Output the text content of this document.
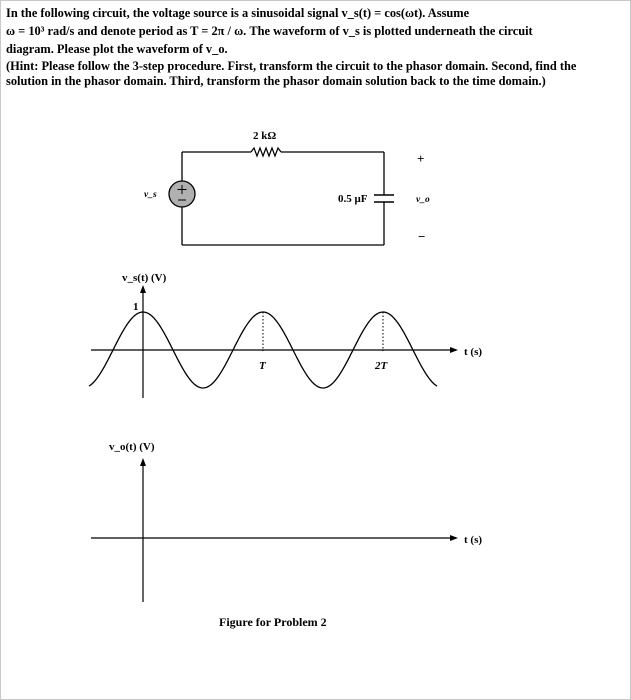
In the following circuit, the voltage source is a sinusoidal signal v_s(t) = cos(ωt). Assume

ω = 10³ rad/s and denote period as T = 2π / ω. The waveform of v_s is plotted underneath the circuit

diagram. Please plot the waveform of v_o.

(Hint: Please follow the 3-step procedure. First, transform the circuit to the phasor domain. Second, find the solution in the phasor domain. Third, transform the phasor domain solution back to the time domain.)

2 kΩ
0.5 μF
v_s
+
v_o
−
1
T	2T
v_s(t) (V)
t (s)
v_o(t) (V)
t (s)
Figure for Problem 2
